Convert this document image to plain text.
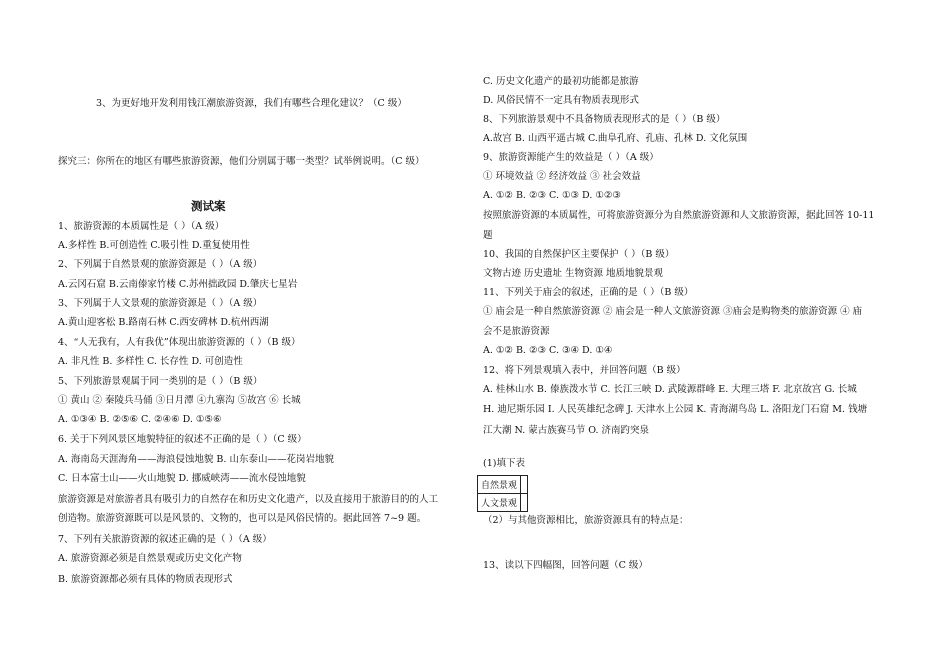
3、为更好地开发利用钱江潮旅游资源，我们有哪些合理化建议？（C 级）
探究三：你所在的地区有哪些旅游资源，他们分别属于哪一类型？试举例说明。（C 级）
测试案
1、旅游资源的本质属性是（ ）（A 级）
A.多样性 B.可创造性 C.吸引性 D.重复使用性
2、下列属于自然景观的旅游资源是（ ）（A 级）
A.云冈石窟 B.云南傣家竹楼 C.苏州拙政园 D.肇庆七星岩
3、下列属于人文景观的旅游资源是（ ）（A 级）
A.黄山迎客松 B.路南石林 C.西安碑林 D.杭州西湖
4、“人无我有，人有我优”体现出旅游资源的（ ）（B 级）
A. 非凡性 B. 多样性 C. 长存性 D. 可创造性
5、下列旅游景观属于同一类别的是（ ）（B 级）
① 黄山 ② 秦陵兵马俑 ③日月潭 ④九寨沟 ⑤故宫 ⑥ 长城
A. ①③④ B. ②⑤⑥ C. ②④⑥ D. ①⑤⑥
6. 关于下列风景区地貌特征的叙述不正确的是（ ）（C 级）
A. 海南岛天涯海角——海浪侵蚀地貌 B. 山东泰山——花岗岩地貌
C. 日本富士山——火山地貌 D. 挪威峡湾——流水侵蚀地貌
旅游资源是对旅游者具有吸引力的自然存在和历史文化遗产，以及直接用于旅游目的的人工
创造物。旅游资源既可以是风景的、文物的，也可以是风俗民情的。据此回答 7~9 题。
7、下列有关旅游资源的叙述正确的是（ ）（A 级）
A. 旅游资源必须是自然景观或历史文化产物
B. 旅游资源都必须有具体的物质表现形式
C. 历史文化遗产的最初功能都是旅游
D. 风俗民情不一定具有物质表现形式
8、下列旅游景观中不具备物质表现形式的是（ ）（B 级）
A.故宫 B. 山西平遥古城 C.曲阜孔府、孔庙、孔林 D. 文化氛围
9、旅游资源能产生的效益是（ ）（A 级）
① 环境效益 ② 经济效益 ③ 社会效益
A. ①② B. ②③ C. ①③ D. ①②③
按照旅游资源的本质属性，可将旅游资源分为自然旅游资源和人文旅游资源，据此回答 10-11
题
10、我国的自然保护区主要保护（ ）（B 级）
文物古迹 历史遗址 生物资源 地质地貌景观
11、下列关于庙会的叙述，正确的是（ ）（B 级）
① 庙会是一种自然旅游资源 ② 庙会是一种人文旅游资源 ③庙会是购物类的旅游资源 ④ 庙
会不是旅游资源
A. ①② B. ②③ C. ③④ D. ①④
12、将下列景观填入表中，并回答问题（B 级）
A. 桂林山水 B. 傣族泼水节 C. 长江三峡 D. 武陵源群峰 E. 大理三塔 F. 北京故宫 G. 长城
H. 迪尼斯乐园 I. 人民英雄纪念碑 J. 天津水上公园 K. 青海湖鸟岛 L. 洛阳龙门石窟 M. 钱塘
江大潮 N. 蒙古族赛马节 O. 济南趵突泉
(1)填下表
自然景观	
人文景观	
（2）与其他资源相比，旅游资源具有的特点是：
13、读以下四幅图，回答问题（C 级）
